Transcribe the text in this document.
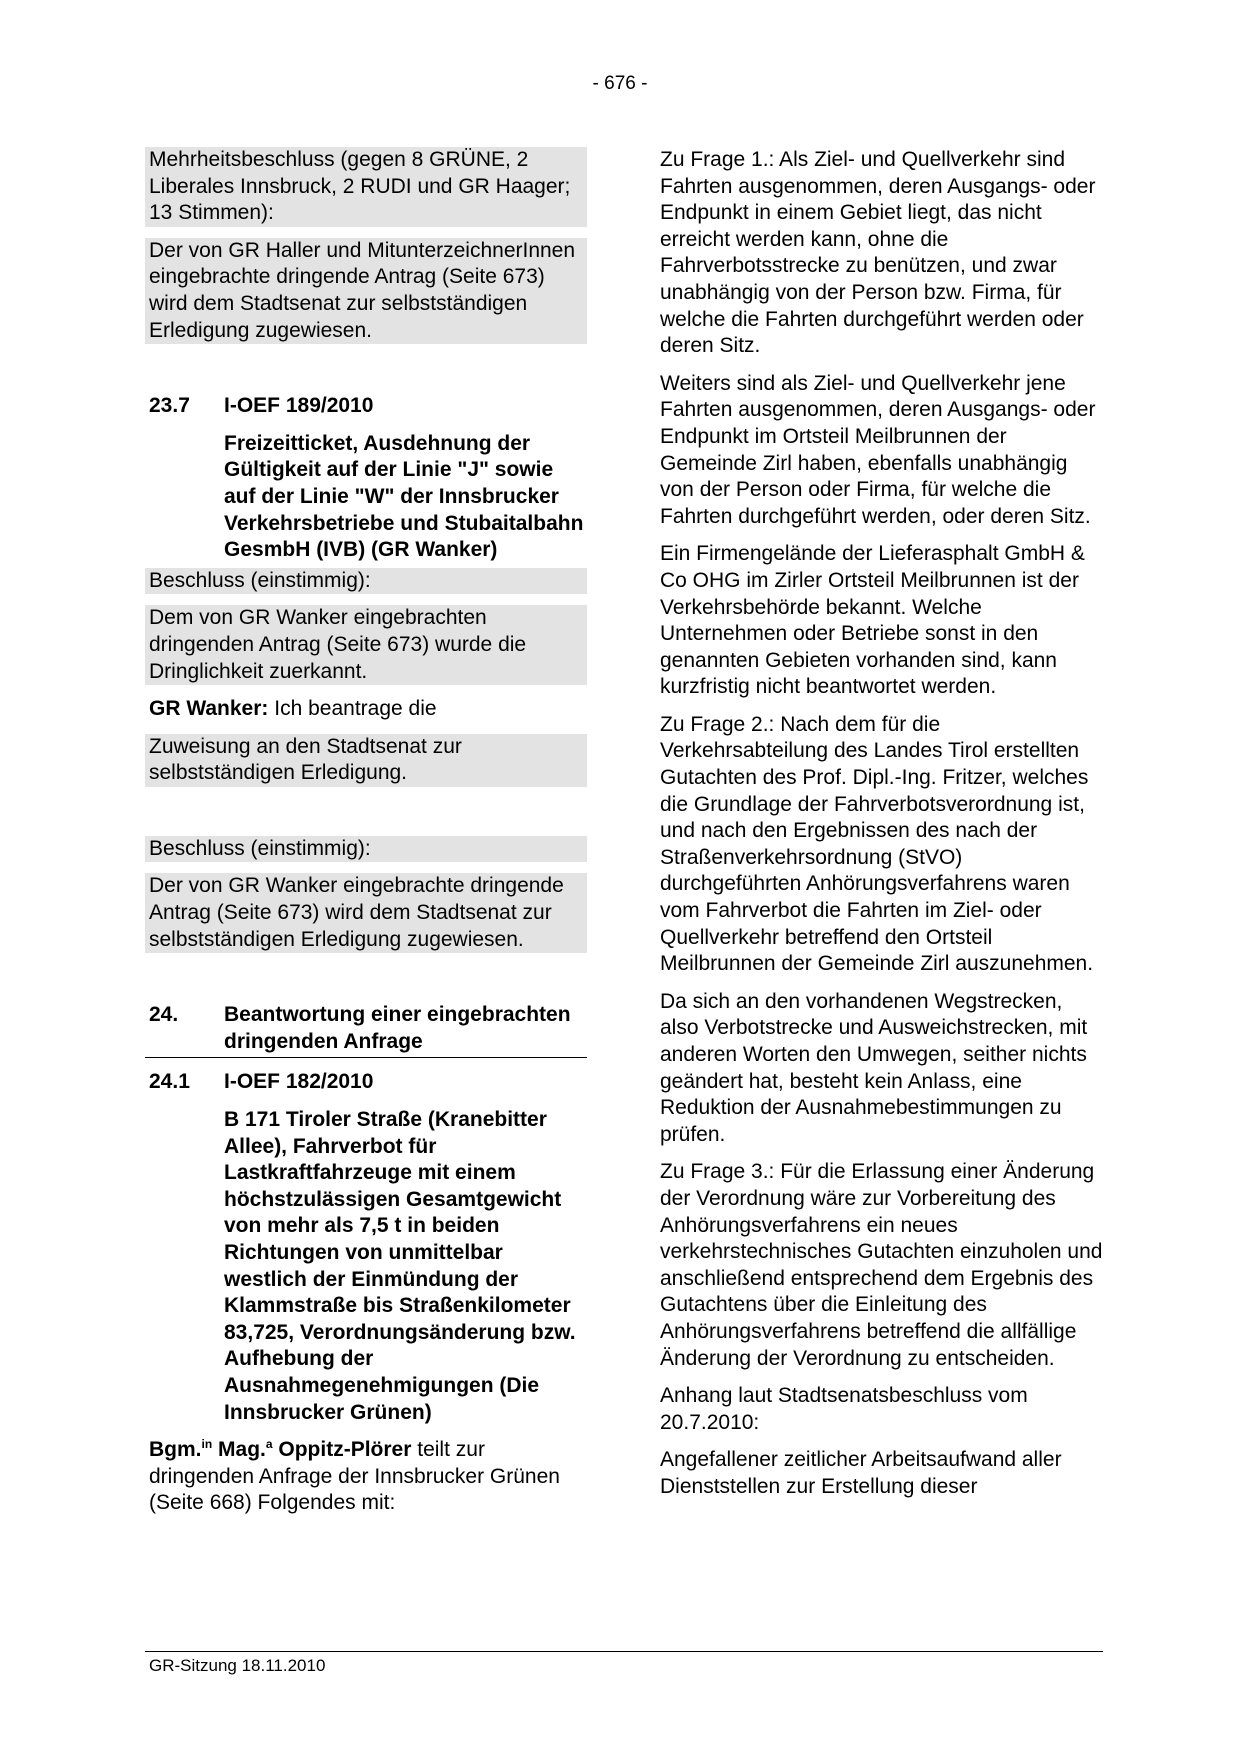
- 676 -

Mehrheitsbeschluss (gegen 8 GRÜNE, 2 Liberales Innsbruck, 2 RUDI und GR Haager; 13 Stimmen):

Der von GR Haller und MitunterzeichnerInnen eingebrachte dringende Antrag (Seite 673) wird dem Stadtsenat zur selbstständigen Erledigung zugewiesen.

23.7	I-OEF 189/2010

Freizeitticket, Ausdehnung der Gültigkeit auf der Linie "J" sowie auf der Linie "W" der Innsbrucker Verkehrsbetriebe und Stubaitalbahn GesmbH (IVB) (GR Wanker)

Beschluss (einstimmig):

Dem von GR Wanker eingebrachten dringenden Antrag (Seite 673) wurde die Dringlichkeit zuerkannt.

GR Wanker: Ich beantrage die

Zuweisung an den Stadtsenat zur selbstständigen Erledigung.

Beschluss (einstimmig):

Der von GR Wanker eingebrachte dringende Antrag (Seite 673) wird dem Stadtsenat zur selbstständigen Erledigung zugewiesen.

24.	Beantwortung einer eingebrachten dringenden Anfrage
24.1	I-OEF 182/2010

B 171 Tiroler Straße (Kranebitter Allee), Fahrverbot für Lastkraftfahrzeuge mit einem höchstzulässigen Gesamtgewicht von mehr als 7,5 t in beiden Richtungen von unmittelbar westlich der Einmündung der Klammstraße bis Straßenkilometer 83,725, Verordnungsänderung bzw. Aufhebung der Ausnahmegenehmigungen (Die Innsbrucker Grünen)

Bgm.$^{in}$ Mag.$^a$ Oppitz-Plörer teilt zur dringenden Anfrage der Innsbrucker Grünen (Seite 668) Folgendes mit:

Zu Frage 1.: Als Ziel- und Quellverkehr sind Fahrten ausgenommen, deren Ausgangs- oder Endpunkt in einem Gebiet liegt, das nicht erreicht werden kann, ohne die Fahrverbotsstrecke zu benützen, und zwar unabhängig von der Person bzw. Firma, für welche die Fahrten durchgeführt werden oder deren Sitz.

Weiters sind als Ziel- und Quellverkehr jene Fahrten ausgenommen, deren Ausgangs- oder Endpunkt im Ortsteil Meilbrunnen der Gemeinde Zirl haben, ebenfalls unabhängig von der Person oder Firma, für welche die Fahrten durchgeführt werden, oder deren Sitz.

Ein Firmengelände der Lieferasphalt GmbH & Co OHG im Zirler Ortsteil Meilbrunnen ist der Verkehrsbehörde bekannt. Welche Unternehmen oder Betriebe sonst in den genannten Gebieten vorhanden sind, kann kurzfristig nicht beantwortet werden.

Zu Frage 2.: Nach dem für die Verkehrsabteilung des Landes Tirol erstellten Gutachten des Prof. Dipl.-Ing. Fritzer, welches die Grundlage der Fahrverbotsverordnung ist, und nach den Ergebnissen des nach der Straßenverkehrsordnung (StVO) durchgeführten Anhörungsverfahrens waren vom Fahrverbot die Fahrten im Ziel- oder Quellverkehr betreffend den Ortsteil Meilbrunnen der Gemeinde Zirl auszunehmen.

Da sich an den vorhandenen Wegstrecken, also Verbotstrecke und Ausweichstrecken, mit anderen Worten den Umwegen, seither nichts geändert hat, besteht kein Anlass, eine Reduktion der Ausnahmebestimmungen zu prüfen.

Zu Frage 3.: Für die Erlassung einer Änderung der Verordnung wäre zur Vorbereitung des Anhörungsverfahrens ein neues verkehrstechnisches Gutachten einzuholen und anschließend entsprechend dem Ergebnis des Gutachtens über die Einleitung des Anhörungsverfahrens betreffend die allfällige Änderung der Verordnung zu entscheiden.

Anhang laut Stadtsenatsbeschluss vom 20.7.2010:

Angefallener zeitlicher Arbeitsaufwand aller Dienststellen zur Erstellung dieser

GR-Sitzung 18.11.2010
